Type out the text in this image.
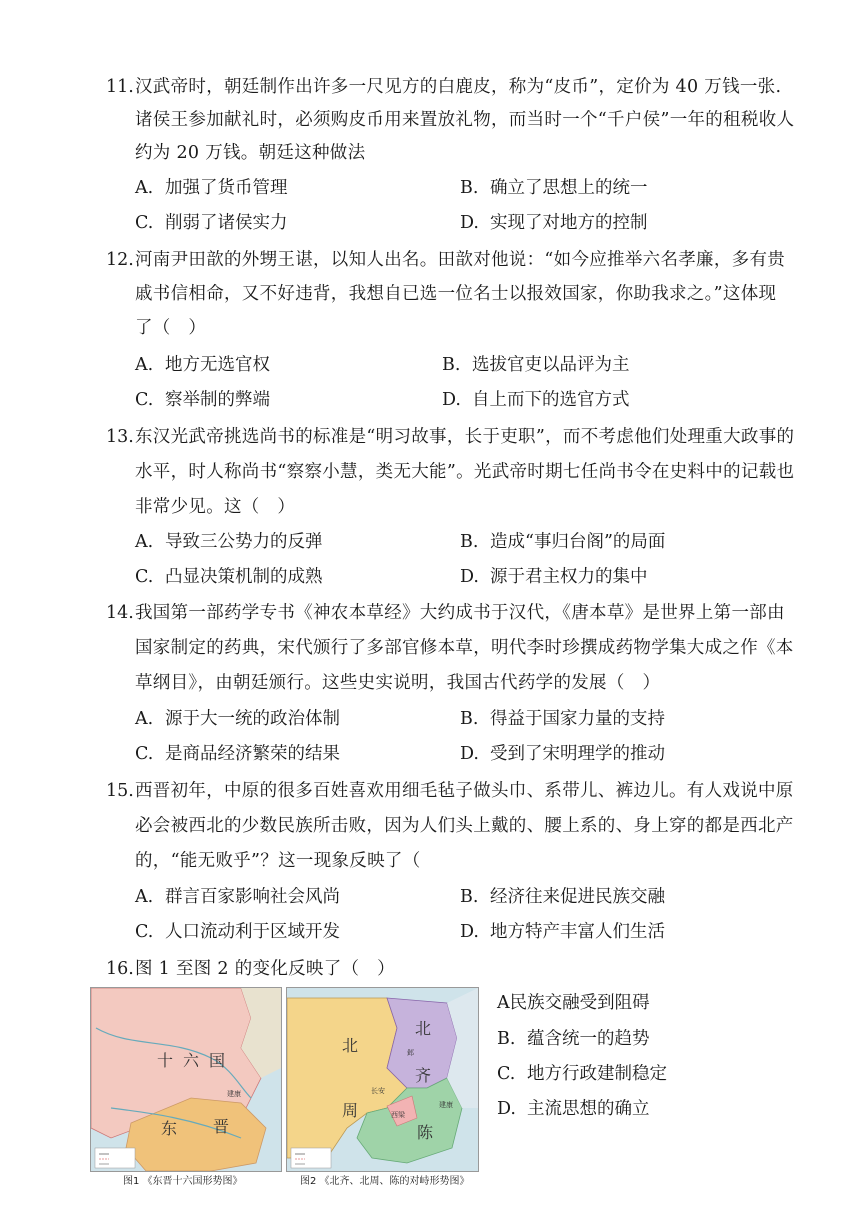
11. 汉武帝时，朝廷制作出许多一尺见方的白鹿皮，称为“皮币”，定价为 40 万钱一张.
诸侯王参加献礼时，必须购皮币用来置放礼物，而当时一个“千户侯”一年的租税收人
约为 20 万钱。朝廷这种做法
A. 加强了货币管理	B. 确立了思想上的统一
C. 削弱了诸侯实力	D. 实现了对地方的控制
12. 河南尹田歆的外甥王谌，以知人出名。田歆对他说：“如今应推举六名孝廉，多有贵
戚书信相命，又不好违背，我想自已选一位名士以报效国家，你助我求之。”这体现
了（　）
A. 地方无选官权	B. 选拔官吏以品评为主
C. 察举制的弊端	D. 自上而下的选官方式
13. 东汉光武帝挑选尚书的标准是“明习故事，长于吏职”，而不考虑他们处理重大政事的
水平，时人称尚书“察察小慧，类无大能”。光武帝时期七任尚书令在史料中的记载也
非常少见。这（　）
A. 导致三公势力的反弹	B. 造成“事归台阁”的局面
C. 凸显决策机制的成熟	D. 源于君主权力的集中
14. 我国第一部药学专书《神农本草经》大约成书于汉代，《唐本草》是世界上第一部由
国家制定的药典，宋代颁行了多部官修本草，明代李时珍撰成药物学集大成之作《本
草纲目》，由朝廷颁行。这些史实说明，我国古代药学的发展（　）
A. 源于大一统的政治体制	B. 得益于国家力量的支持
C. 是商品经济繁荣的结果	D. 受到了宋明理学的推动
15. 西晋初年，中原的很多百姓喜欢用细毛毡子做头巾、系带儿、裤边儿。有人戏说中原
必会被西北的少数民族所击败，因为人们头上戴的、腰上系的、身上穿的都是西北产
的，“能无败乎”？这一现象反映了（
A. 群言百家影响社会风尚	B. 经济往来促进民族交融
C. 人口流动利于区域开发	D. 地方特产丰富人们生活
16. 图 1 至图 2 的变化反映了（　）
十 六 国
东 晋
建康
图1 《东晋十六国形势图》
北
周
北
齐
陈
长安
邺
建康
西梁
图2 《北齐、北周、陈的对峙形势图》
A民族交融受到阻碍
B. 蕴含统一的趋势
C. 地方行政建制稳定
D. 主流思想的确立
